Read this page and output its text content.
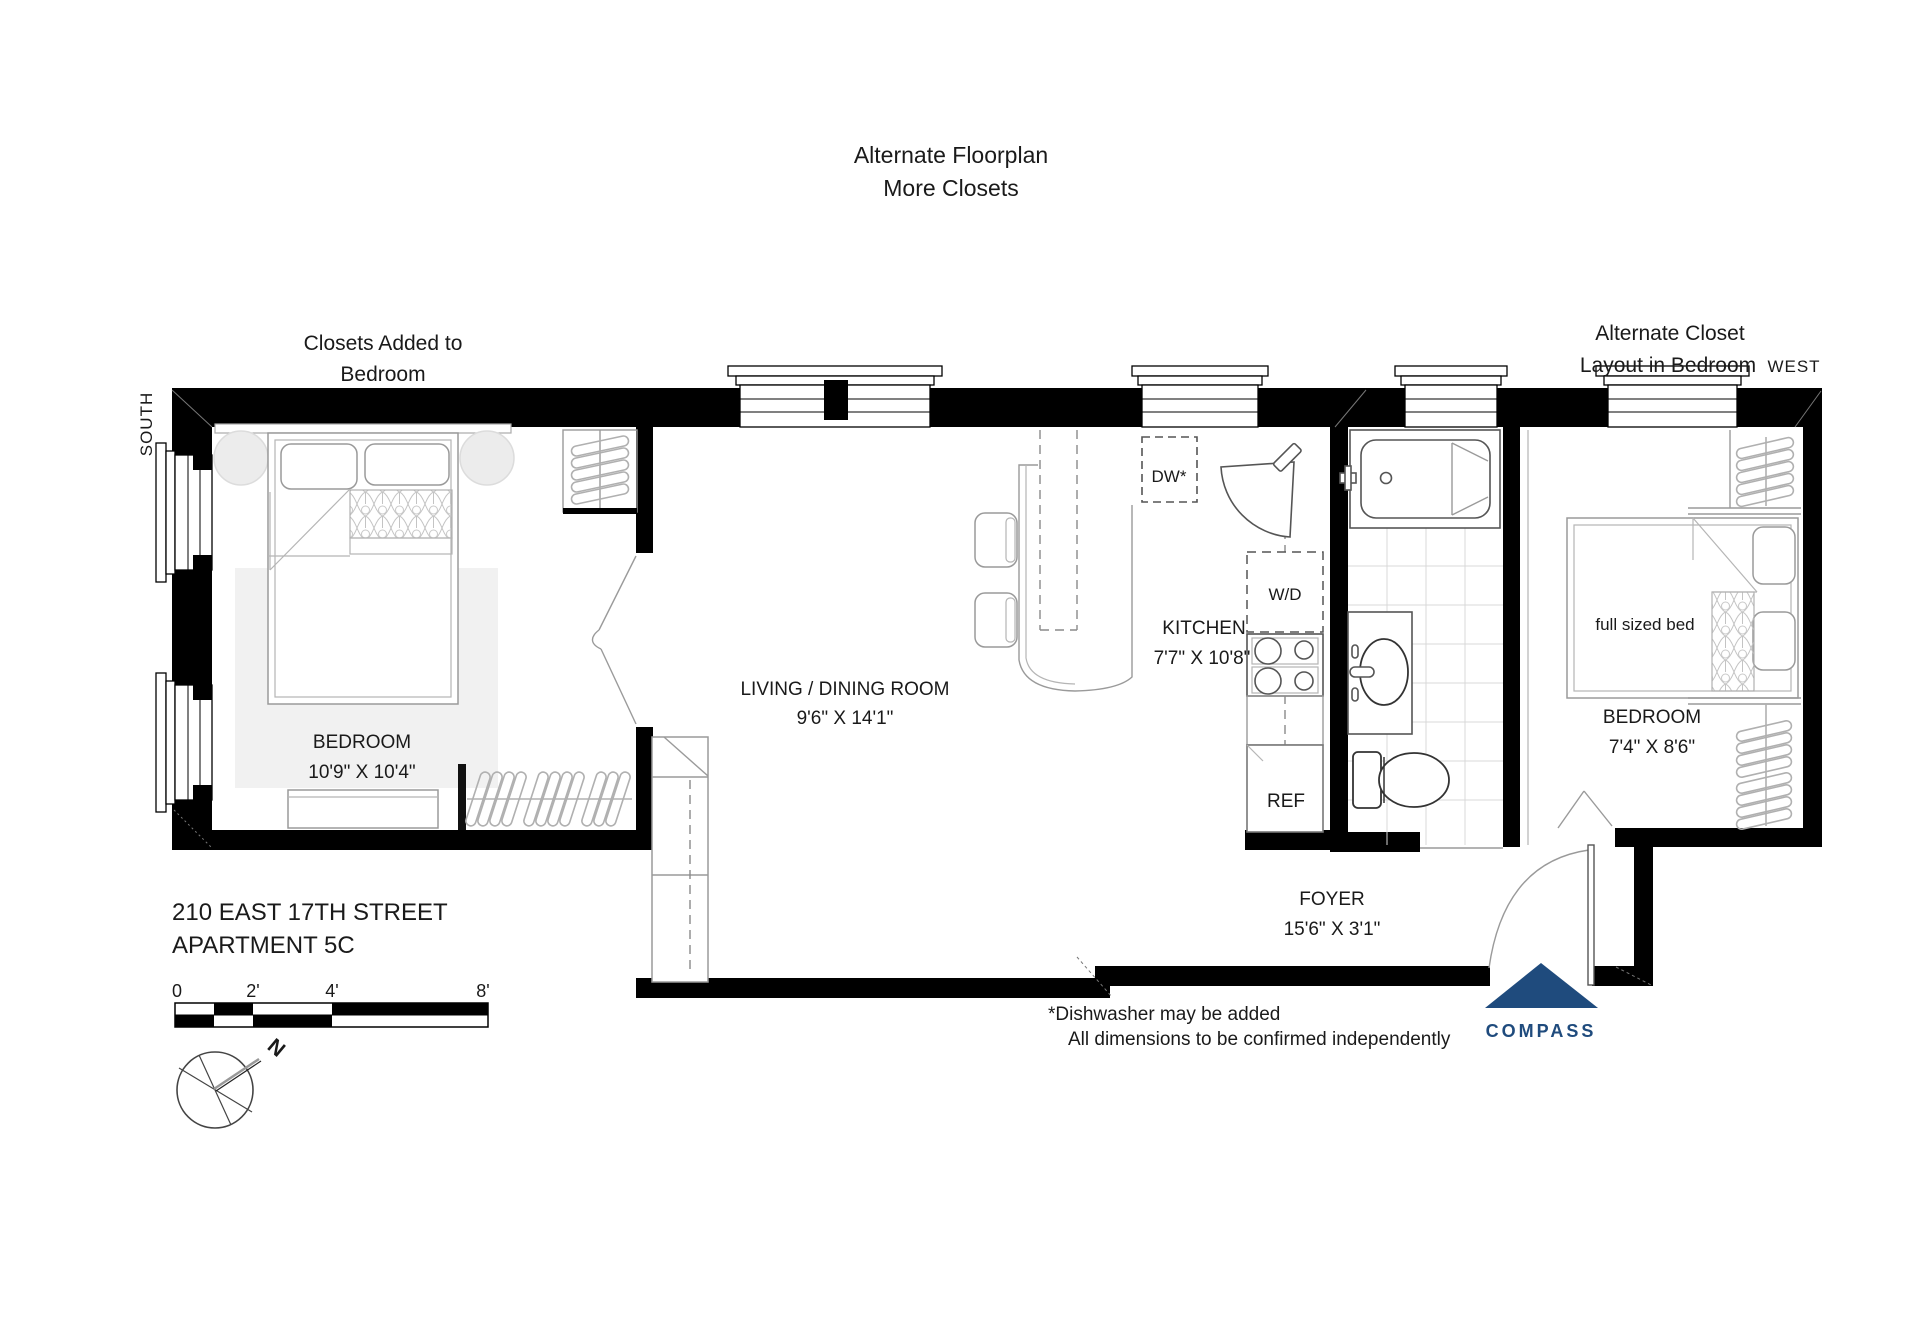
DW*
W/D
REF
Alternate Floorplan
More Closets
Closets Added to
Bedroom
Alternate Closet
Layout in Bedroom WEST
SOUTH
BEDROOM
10'9" X 10'4"
LIVING / DINING ROOM
9'6" X 14'1"
KITCHEN
7'7" X 10'8"
FOYER
15'6" X 3'1"
BEDROOM
7'4" X 8'6"
full sized bed
210 EAST 17TH STREET
APARTMENT 5C
*Dishwasher may be added
All dimensions to be confirmed independently
0	2'	4'	8'
N
COMPASS
